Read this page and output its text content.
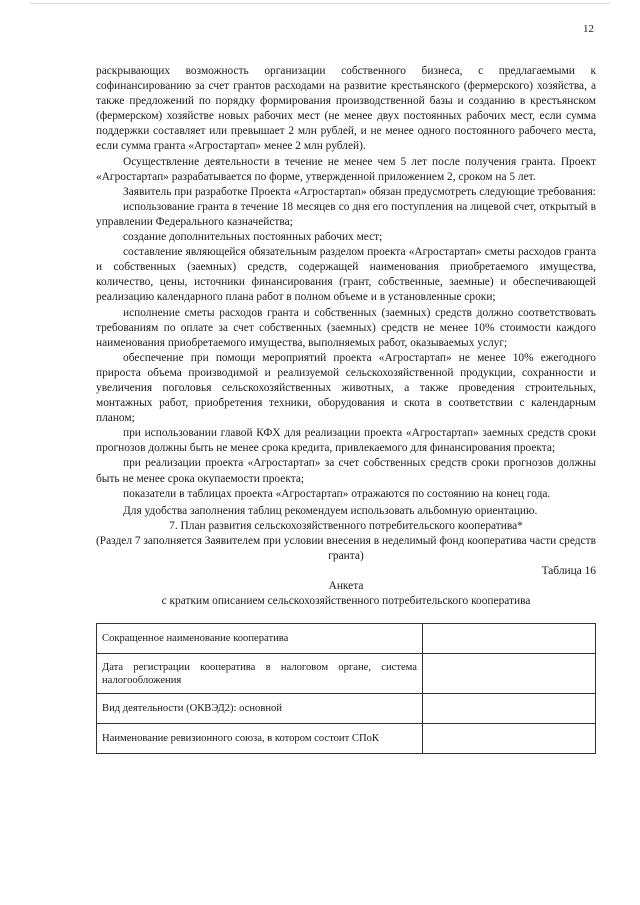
12

раскрывающих возможность организации собственного бизнеса, с предлагаемыми к софинансированию за счет грантов расходами на развитие крестьянского (фермерского) хозяйства, а также предложений по порядку формирования производственной базы и созданию в крестьянском (фермерском) хозяйстве новых рабочих мест (не менее двух постоянных рабочих мест, если сумма поддержки составляет или превышает 2 млн рублей, и не менее одного постоянного рабочего места, если сумма гранта «Агростартап» менее 2 млн рублей).

Осуществление деятельности в течение не менее чем 5 лет после получения гранта. Проект «Агростартап» разрабатывается по форме, утвержденной приложением 2, сроком на 5 лет.

Заявитель при разработке Проекта «Агростартап» обязан предусмотреть следующие требования:

использование гранта в течение 18 месяцев со дня его поступления на лицевой счет, открытый в управлении Федерального казначейства;

создание дополнительных постоянных рабочих мест;

составление являющейся обязательным разделом проекта «Агростартап» сметы расходов гранта и собственных (заемных) средств, содержащей наименования приобретаемого имущества, количество, цены, источники финансирования (грант, собственные, заемные) и обеспечивающей реализацию календарного плана работ в полном объеме и в установленные сроки;

исполнение сметы расходов гранта и собственных (заемных) средств должно соответствовать требованиям по оплате за счет собственных (заемных) средств не менее 10% стоимости каждого наименования приобретаемого имущества, выполняемых работ, оказываемых услуг;

обеспечение при помощи мероприятий проекта «Агростартап» не менее 10% ежегодного прироста объема производимой и реализуемой сельскохозяйственной продукции, сохранности и увеличения поголовья сельскохозяйственных животных, а также проведения строительных, монтажных работ, приобретения техники, оборудования и скота в соответствии с календарным планом;

при использовании главой КФХ для реализации проекта «Агростартап» заемных средств сроки прогнозов должны быть не менее срока кредита, привлекаемого для финансирования проекта;

при реализации проекта «Агростартап» за счет собственных средств сроки прогнозов должны быть не менее срока окупаемости проекта;

показатели в таблицах проекта «Агростартап» отражаются по состоянию на конец года.

Для удобства заполнения таблиц рекомендуем использовать альбомную ориентацию.

7. План развития сельскохозяйственного потребительского кооператива*

(Раздел 7 заполняется Заявителем при условии внесения в неделимый фонд кооператива части средств гранта)

Таблица 16

Анкета

с кратким описанием сельскохозяйственного потребительского кооператива

Сокращенное наименование кооператива	
Дата регистрации кооператива в налоговом органе, система налогообложения	
Вид деятельности (ОКВЭД2): основной	
Наименование ревизионного союза, в котором состоит СПоК	
